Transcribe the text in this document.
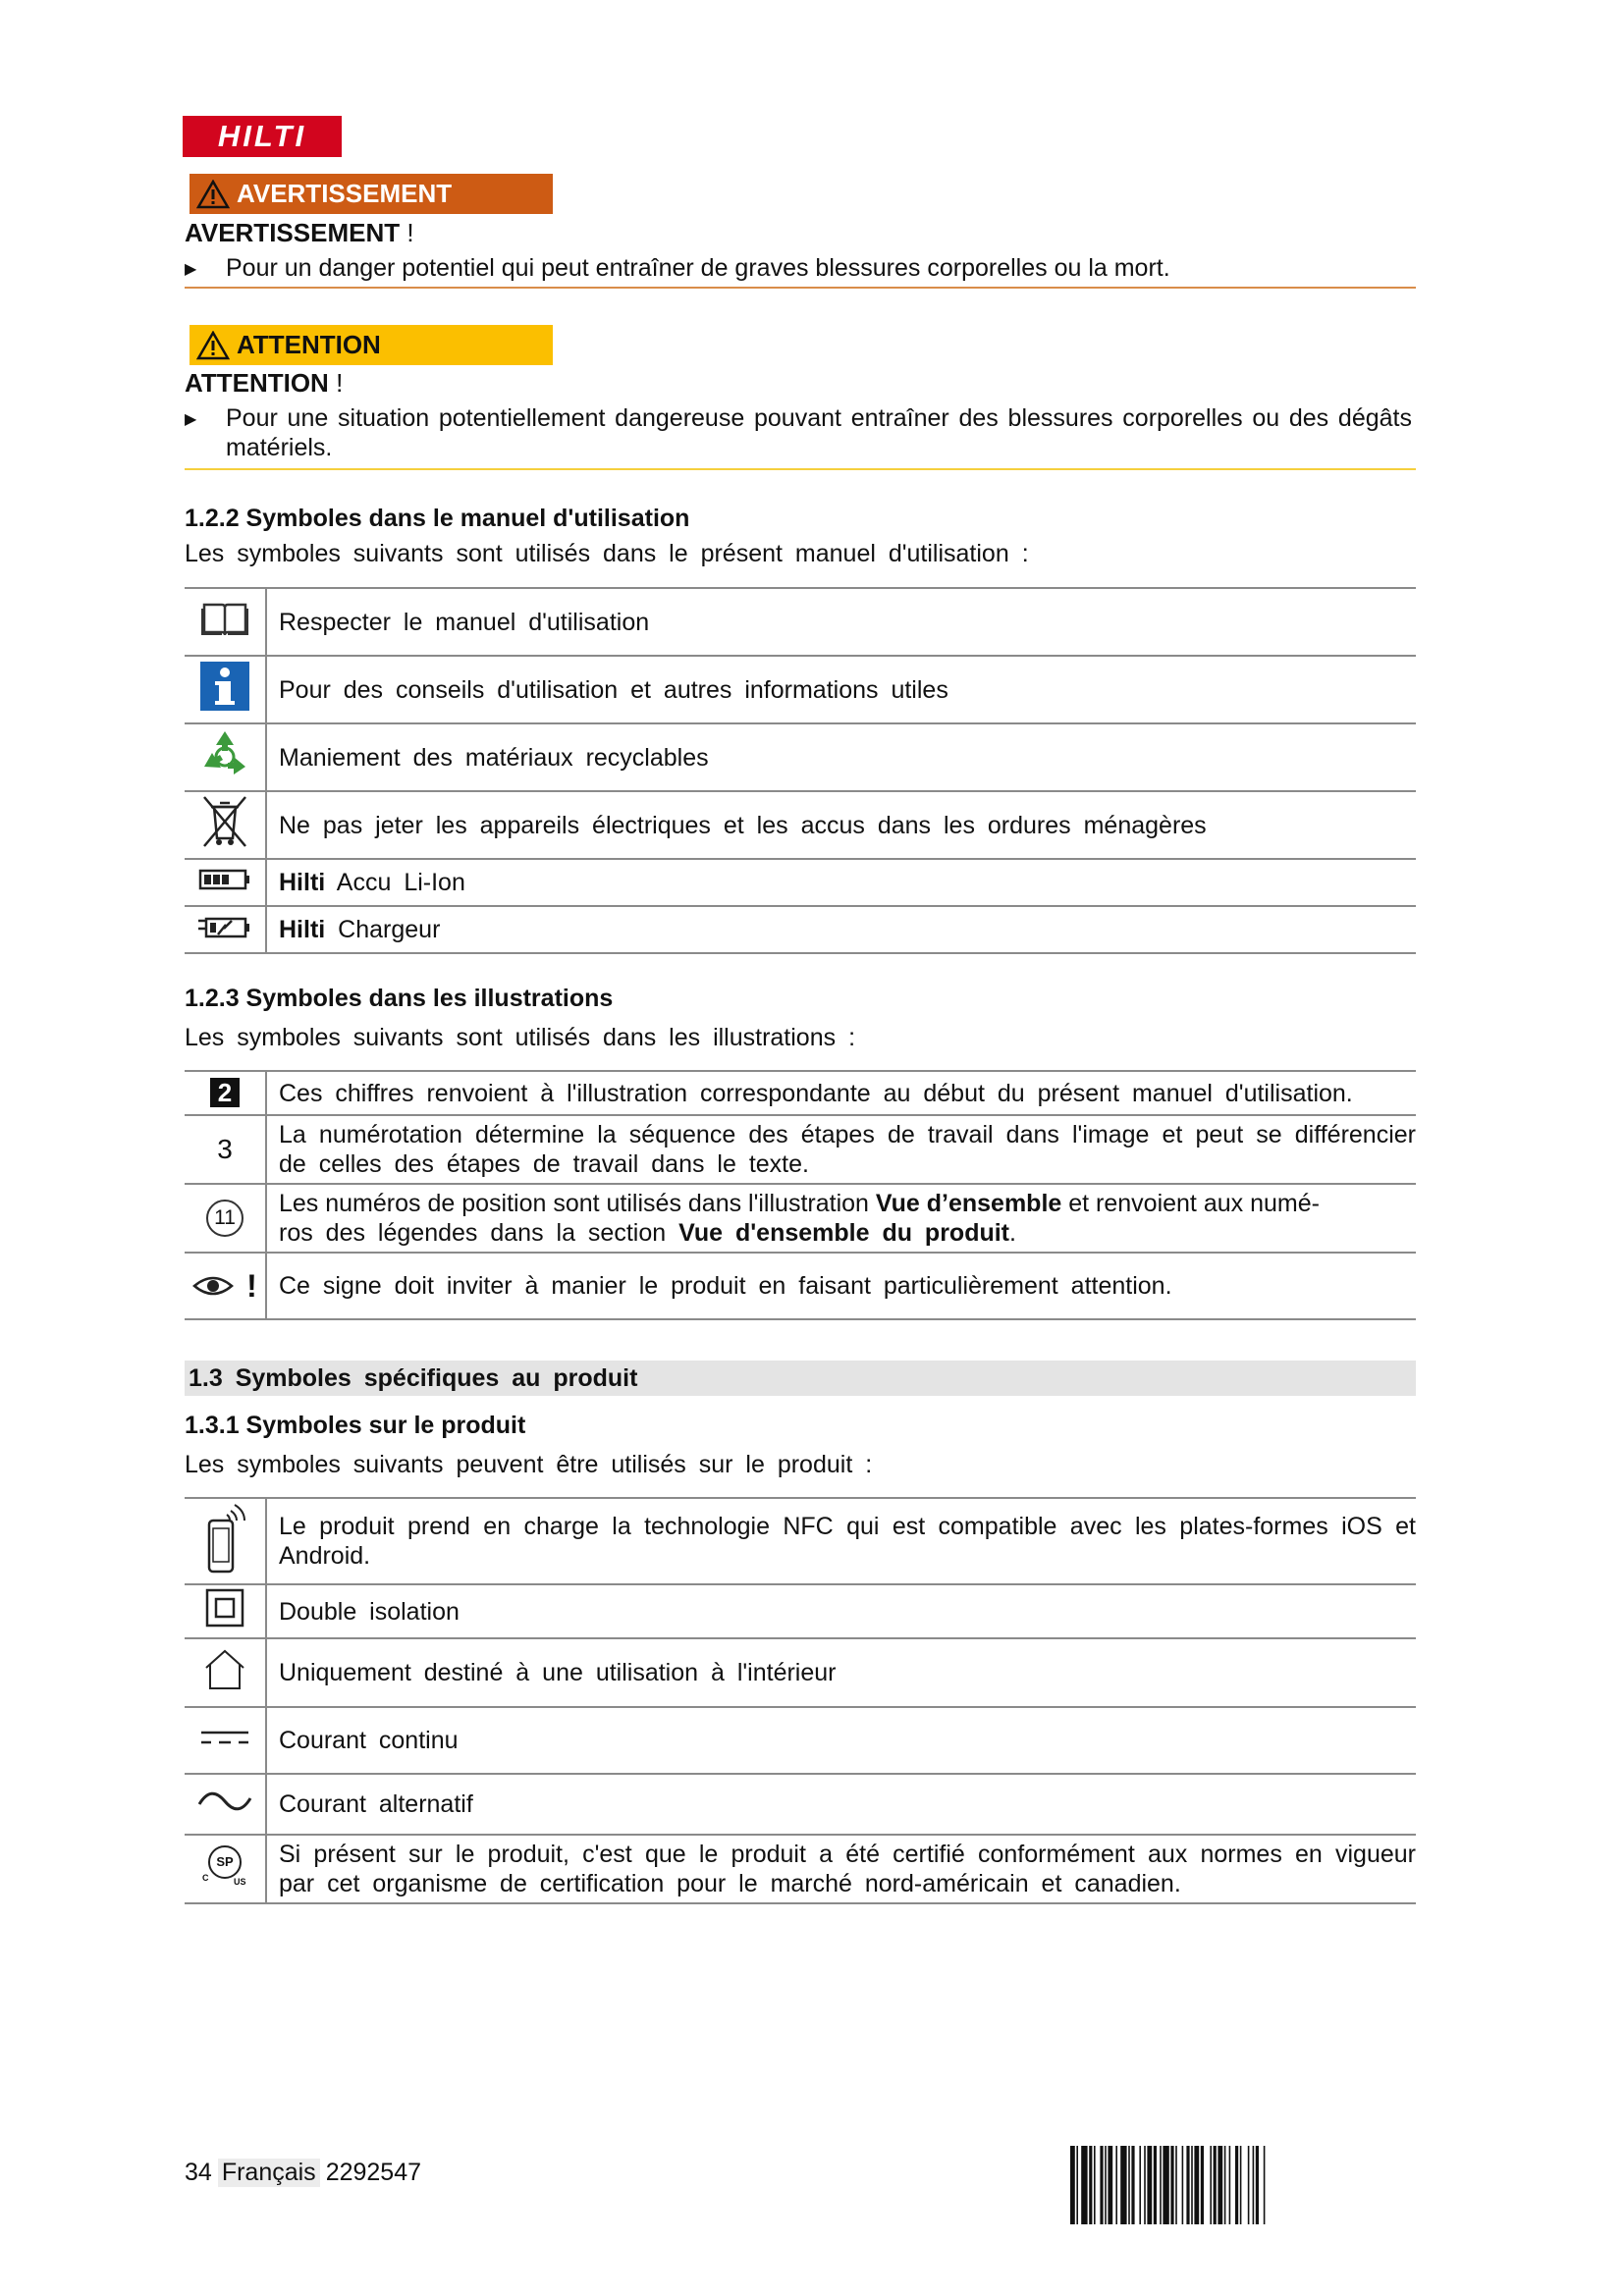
HILTI
AVERTISSEMENT
AVERTISSEMENT !
▶	Pour un danger potentiel qui peut entraîner de graves blessures corporelles ou la mort.
ATTENTION
ATTENTION !
▶	Pour une situation potentiellement dangereuse pouvant entraîner des blessures corporelles ou des dégâts matériels.
1.2.2 Symboles dans le manuel d'utilisation
Les symboles suivants sont utilisés dans le présent manuel d'utilisation :
	Respecter le manuel d'utilisation
	Pour des conseils d'utilisation et autres informations utiles
	Maniement des matériaux recyclables
	Ne pas jeter les appareils électriques et les accus dans les ordures ménagères
	Hilti Accu Li-Ion
	Hilti Chargeur
1.2.3 Symboles dans les illustrations
Les symboles suivants sont utilisés dans les illustrations :
2	Ces chiffres renvoient à l'illustration correspondante au début du présent manuel d'utilisation.
3	La numérotation détermine la séquence des étapes de travail dans l'image et peut se différencier de celles des étapes de travail dans le texte.
11	Les numéros de position sont utilisés dans l'illustration Vue d’ensemble et renvoient aux numé-
ros des légendes dans la section Vue d'ensemble du produit.
!	Ce signe doit inviter à manier le produit en faisant particulièrement attention.
1.3 Symboles spécifiques au produit
1.3.1 Symboles sur le produit
Les symboles suivants peuvent être utilisés sur le produit :
	Le produit prend en charge la technologie NFC qui est compatible avec les plates-formes iOS et Android.
	Double isolation
	Uniquement destiné à une utilisation à l'intérieur
	Courant continu
	Courant alternatif

SP
C US	Si présent sur le produit, c'est que le produit a été certifié conformément aux normes en vigueur par cet organisme de certification pour le marché nord-américain et canadien.
34 Français 2292547
